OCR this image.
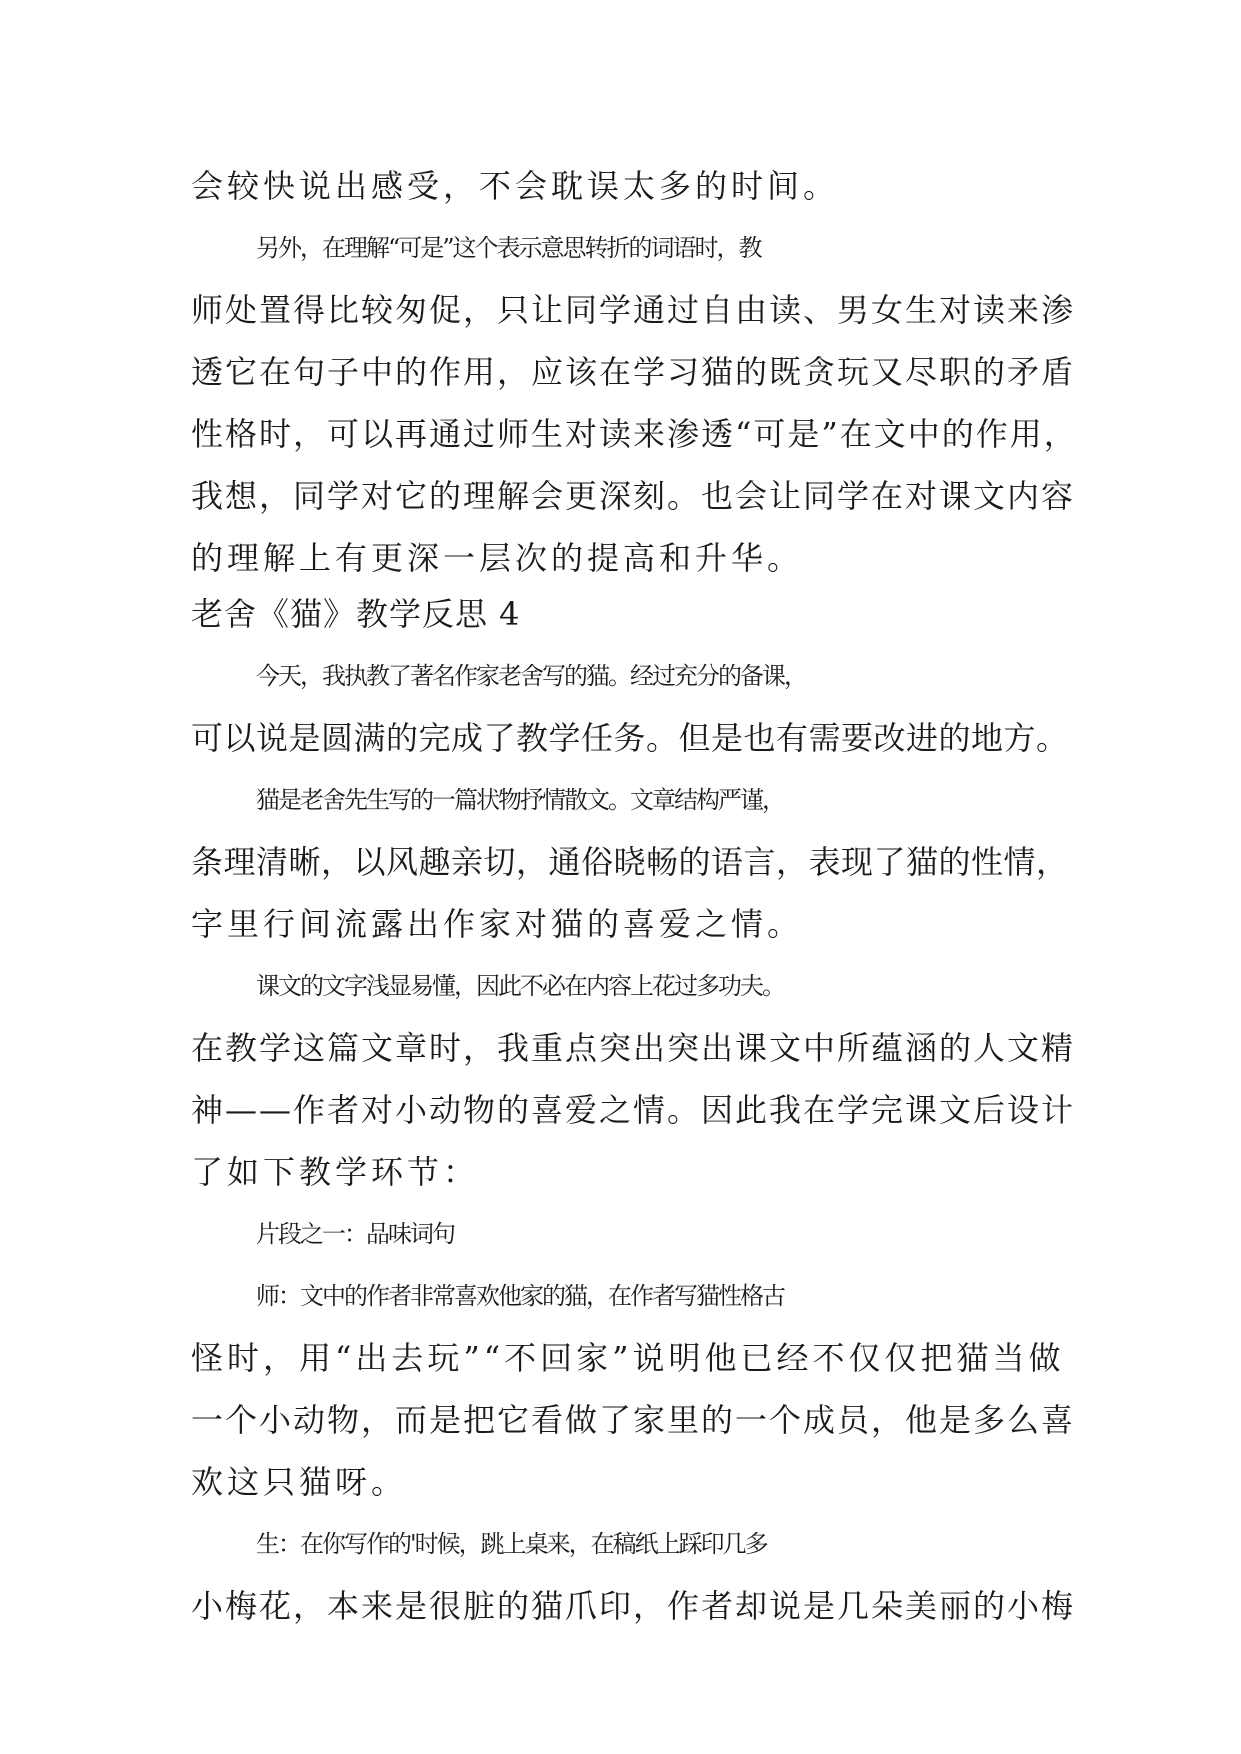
会较快说出感受，不会耽误太多的时间。
另外，在理解“可是”这个表示意思转折的词语时，教
师处置得比较匆促，只让同学通过自由读、男女生对读来渗
透它在句子中的作用，应该在学习猫的既贪玩又尽职的矛盾
性格时，可以再通过师生对读来渗透“可是”在文中的作用，
我想，同学对它的理解会更深刻。也会让同学在对课文内容
的理解上有更深一层次的提高和升华。
老舍《猫》教学反思 4
今天，我执教了著名作家老舍写的猫。经过充分的备课，
可以说是圆满的完成了教学任务。但是也有需要改进的地方。
猫是老舍先生写的一篇状物抒情散文。文章结构严谨，
条理清晰，以风趣亲切，通俗晓畅的语言，表现了猫的性情，
字里行间流露出作家对猫的喜爱之情。
课文的文字浅显易懂，因此不必在内容上花过多功夫。
在教学这篇文章时，我重点突出突出课文中所蕴涵的人文精
神——作者对小动物的喜爱之情。因此我在学完课文后设计
了如下教学环节：
片段之一：品味词句
师：文中的作者非常喜欢他家的猫，在作者写猫性格古
怪时，用“出去玩”“不回家”说明他已经不仅仅把猫当做
一个小动物，而是把它看做了家里的一个成员，他是多么喜
欢这只猫呀。
生：在你写作的'时候，跳上桌来，在稿纸上踩印几多
小梅花，本来是很脏的猫爪印，作者却说是几朵美丽的小梅
